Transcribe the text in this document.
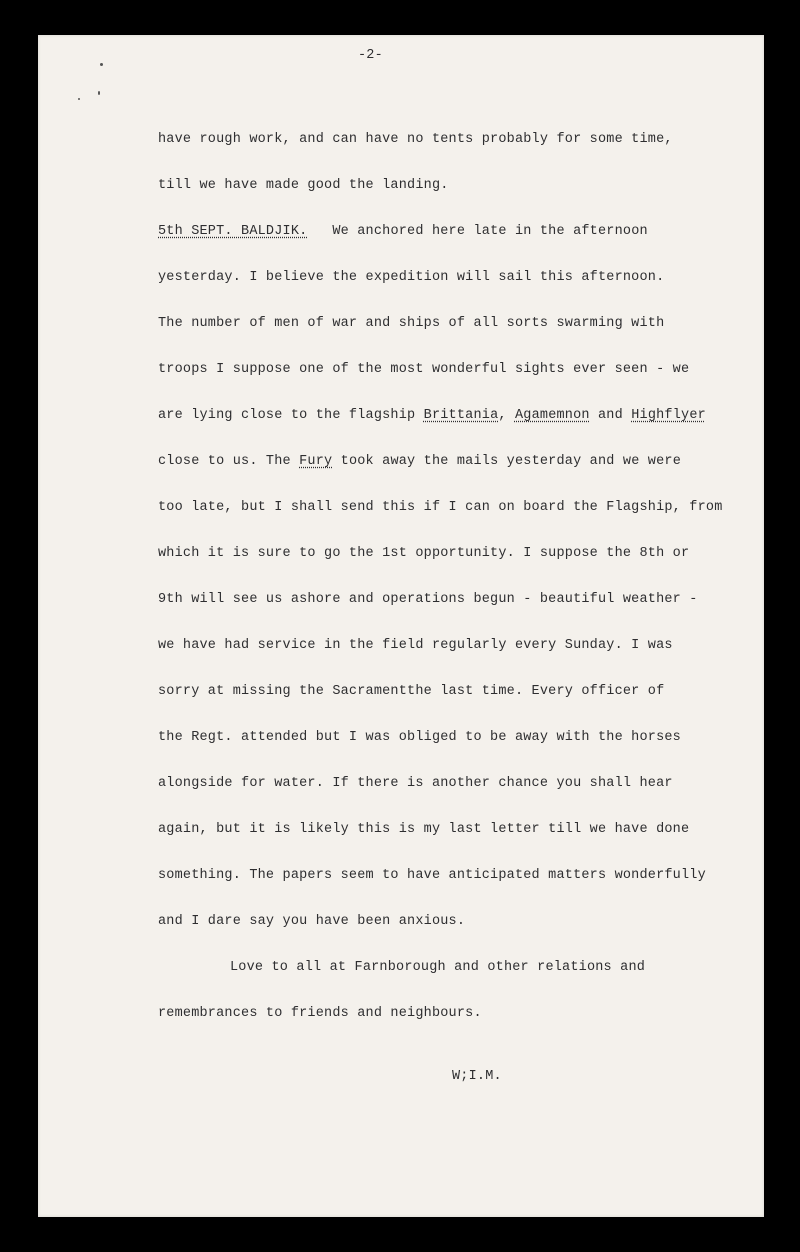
-2-
have rough work, and can have no tents probably for some time,
till we have made good the landing.
5th SEPT. BALDJIK. We anchored here late in the afternoon
yesterday. I believe the expedition will sail this afternoon.
The number of men of war and ships of all sorts swarming with
troops I suppose one of the most wonderful sights ever seen - we
are lying close to the flagship Brittania, Agamemnon and Highflyer
close to us. The Fury took away the mails yesterday and we were
too late, but I shall send this if I can on board the Flagship, from
which it is sure to go the 1st opportunity. I suppose the 8th or
9th will see us ashore and operations begun - beautiful weather -
we have had service in the field regularly every Sunday. I was
sorry at missing the Sacramentthe last time. Every officer of
the Regt. attended but I was obliged to be away with the horses
alongside for water. If there is another chance you shall hear
again, but it is likely this is my last letter till we have done
something. The papers seem to have anticipated matters wonderfully
and I dare say you have been anxious.
Love to all at Farnborough and other relations and
remembrances to friends and neighbours.
W;I.M.
